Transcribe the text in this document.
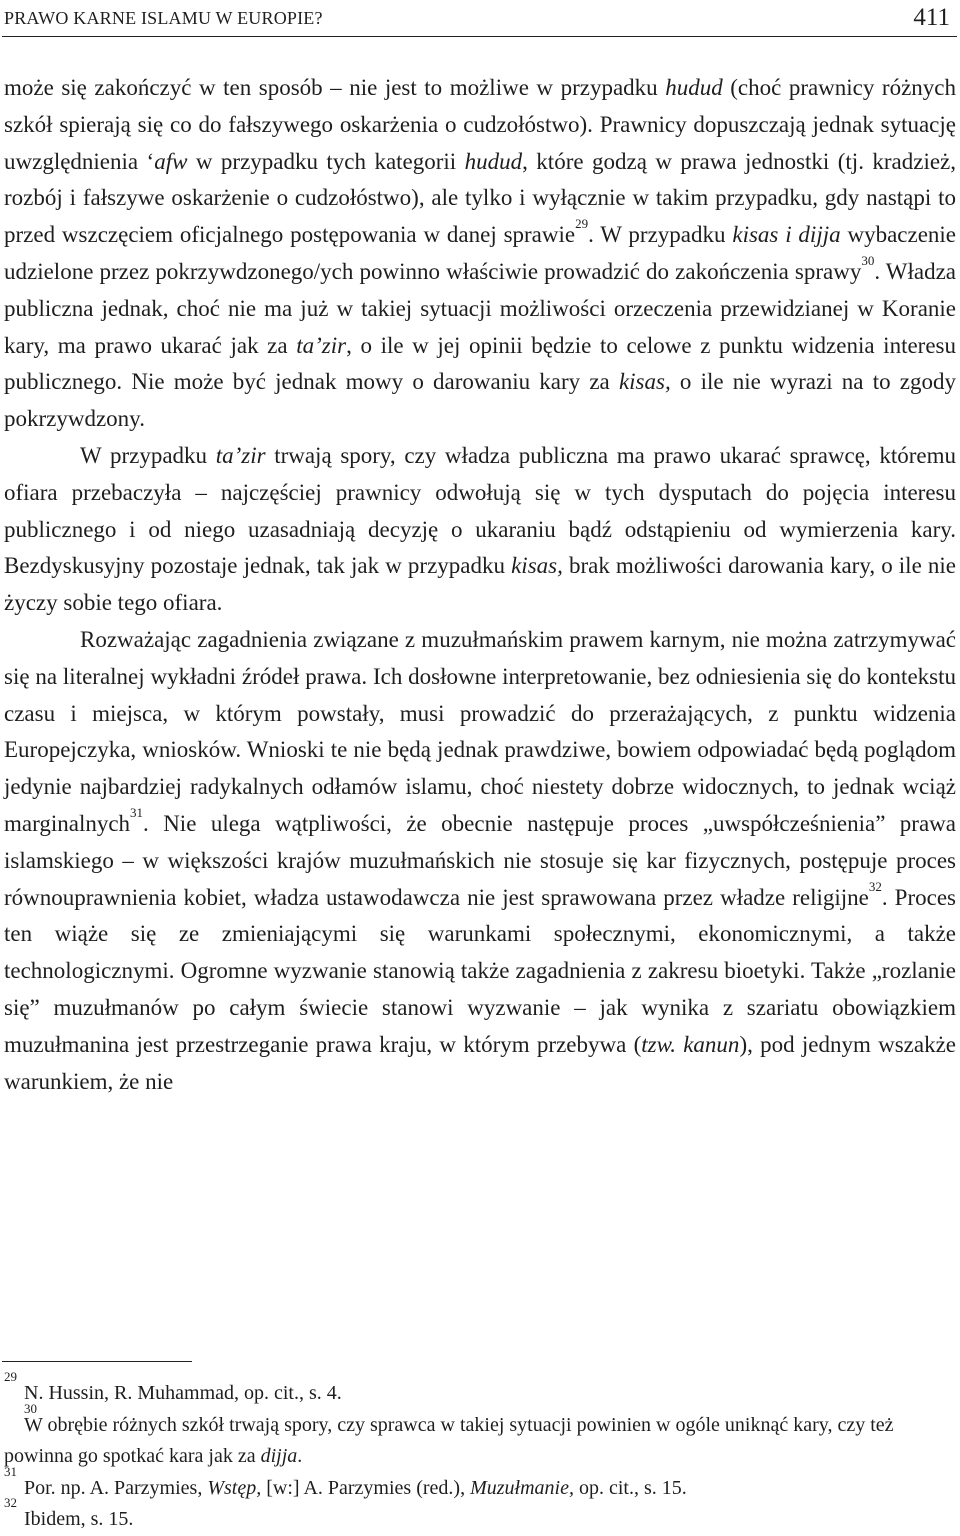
PRAWO KARNE ISLAMU W EUROPIE?	411

może się zakończyć w ten sposób – nie jest to możliwe w przypadku hudud (choć prawnicy różnych szkół spierają się co do fałszywego oskarżenia o cudzołóstwo). Prawnicy dopuszczają jednak sytuację uwzględnienia ‘afw w przypadku tych kategorii hudud, które godzą w prawa jednostki (tj. kradzież, rozbój i fałszywe oskarżenie o cudzołóstwo), ale tylko i wyłącznie w takim przypadku, gdy nastąpi to przed wszczęciem oficjalnego postępowania w danej sprawie$^{29}$. W przypadku kisas i dijja wybaczenie udzielone przez pokrzywdzonego/ych powinno właściwie prowadzić do zakończenia sprawy$^{30}$. Władza publiczna jednak, choć nie ma już w takiej sytuacji możliwości orzeczenia przewidzianej w Koranie kary, ma prawo ukarać jak za ta’zir, o ile w jej opinii będzie to celowe z punktu widzenia interesu publicznego. Nie może być jednak mowy o darowaniu kary za kisas, o ile nie wyrazi na to zgody pokrzywdzony.

W przypadku ta’zir trwają spory, czy władza publiczna ma prawo ukarać sprawcę, któremu ofiara przebaczyła – najczęściej prawnicy odwołują się w tych dysputach do pojęcia interesu publicznego i od niego uzasadniają decyzję o ukaraniu bądź odstąpieniu od wymierzenia kary. Bezdyskusyjny pozostaje jednak, tak jak w przypadku kisas, brak możliwości darowania kary, o ile nie życzy sobie tego ofiara.

Rozważając zagadnienia związane z muzułmańskim prawem karnym, nie można zatrzymywać się na literalnej wykładni źródeł prawa. Ich dosłowne interpretowanie, bez odniesienia się do kontekstu czasu i miejsca, w którym powstały, musi prowadzić do przerażających, z punktu widzenia Europejczyka, wniosków. Wnioski te nie będą jednak prawdziwe, bowiem odpowiadać będą poglądom jedynie najbardziej radykalnych odłamów islamu, choć niestety dobrze widocznych, to jednak wciąż marginalnych$^{31}$. Nie ulega wątpliwości, że obecnie następuje proces „uwspółcześnienia” prawa islamskiego – w większości krajów muzułmańskich nie stosuje się kar fizycznych, postępuje proces równouprawnienia kobiet, władza ustawodawcza nie jest sprawowana przez władze religijne$^{32}$. Proces ten wiąże się ze zmieniającymi się warunkami społecznymi, ekonomicznymi, a także technologicznymi. Ogromne wyzwanie stanowią także zagadnienia z zakresu bioetyki. Także „rozlanie się” muzułmanów po całym świecie stanowi wyzwanie – jak wynika z szariatu obowiązkiem muzułmanina jest przestrzeganie prawa kraju, w którym przebywa (tzw. kanun), pod jednym wszakże warunkiem, że nie

29
N. Hussin, R. Muhammad, op. cit., s. 4.
30
W obrębie różnych szkół trwają spory, czy sprawca w takiej sytuacji powinien w ogóle uniknąć kary, czy też powinna go spotkać kara jak za dijja.
31
Por. np. A. Parzymies, Wstęp, [w:] A. Parzymies (red.), Muzułmanie, op. cit., s. 15.
32
Ibidem, s. 15.
